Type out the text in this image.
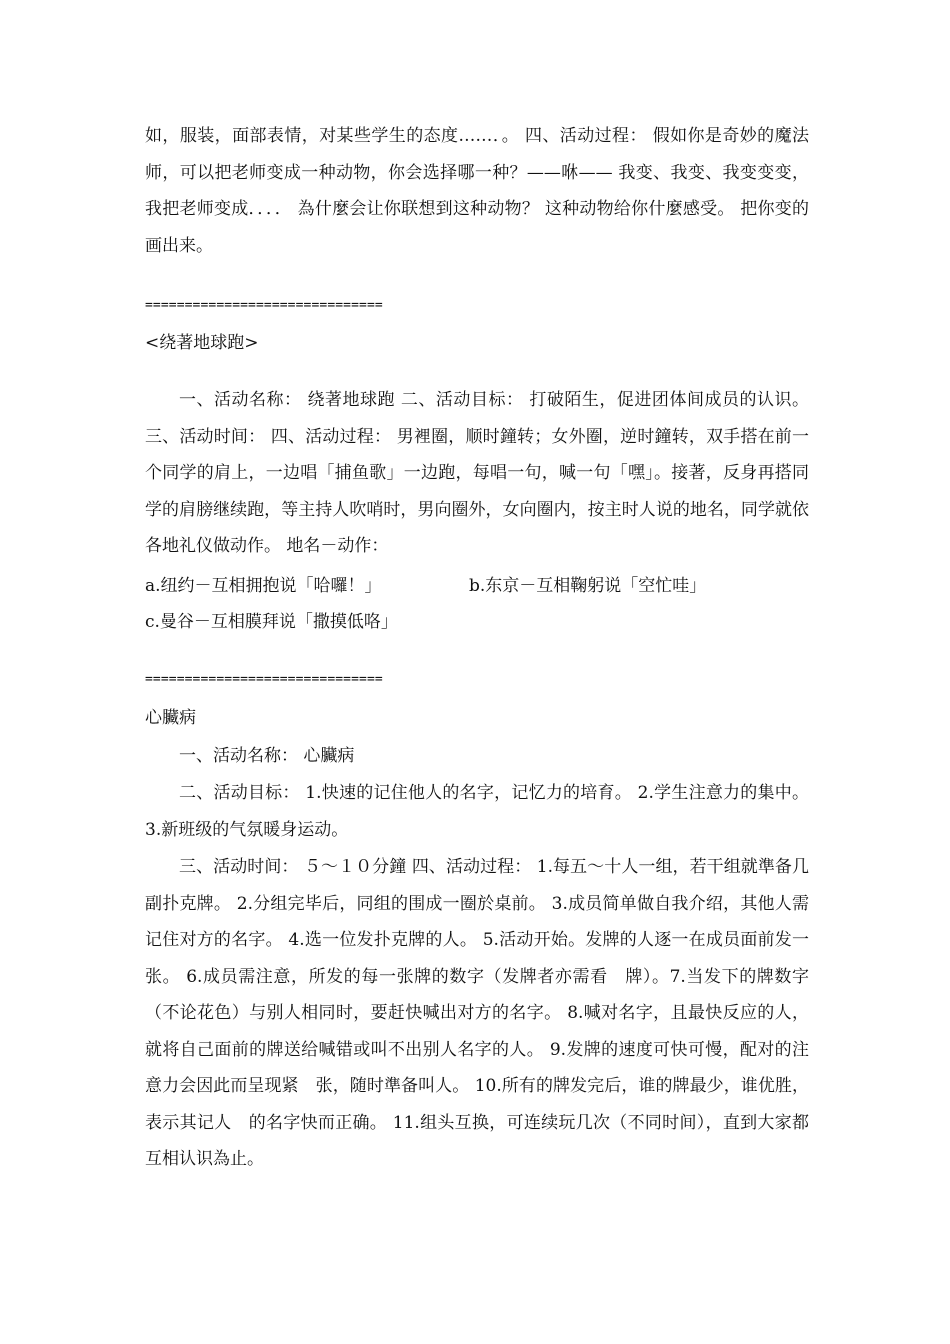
如，服装，面部表情，对某些学生的态度……．。 四、活动过程： 假如你是奇妙的魔法师，可以把老师变成一种动物，你会选择哪一种？——咻—— 我变、我变、我变变变，我把老师变成．．．． 為什麼会让你联想到这种动物？ 这种动物给你什麼感受。 把你变的画出来。

==============================

<绕著地球跑>

一、活动名称： 绕著地球跑 二、活动目标： 打破陌生，促进团体间成员的认识。 三、活动时间： 四、活动过程： 男裡圈，顺时鐘转；女外圈，逆时鐘转，双手搭在前一个同学的肩上，一边唱「捕鱼歌」一边跑，每唱一句，喊一句「嘿」。接著，反身再搭同学的肩膀继续跑，等主持人吹哨时，男向圈外，女向圈内，按主时人说的地名，同学就依各地礼仪做动作。 地名－动作：

a.纽约－互相拥抱说「哈囉！」	b.东京－互相鞠躬说「空忙哇」

c.曼谷－互相膜拜说「撒摸低咯」

==============================

心臟病

一、活动名称： 心臟病

二、活动目标： 1.快速的记住他人的名字，记忆力的培育。 2.学生注意力的集中。 3.新班级的气氛暖身运动。

三、活动时间： ５～１０分鐘 四、活动过程： 1.每五～十人一组，若干组就準备几副扑克牌。 2.分组完毕后，同组的围成一圈於桌前。 3.成员简单做自我介绍，其他人需记住对方的名字。 4.选一位发扑克牌的人。 5.活动开始。发牌的人逐一在成员面前发一张。 6.成员需注意，所发的每一张牌的数字（发牌者亦需看　牌）。7.当发下的牌数字（不论花色）与别人相同时，要赶快喊出对方的名字。 8.喊对名字，且最快反应的人，就将自己面前的牌送给喊错或叫不出别人名字的人。 9.发牌的速度可快可慢，配对的注意力会因此而呈现紧　张，随时準备叫人。 10.所有的牌发完后，谁的牌最少，谁优胜，表示其记人　的名字快而正确。 11.组头互换，可连续玩几次（不同时间），直到大家都　互相认识為止。
